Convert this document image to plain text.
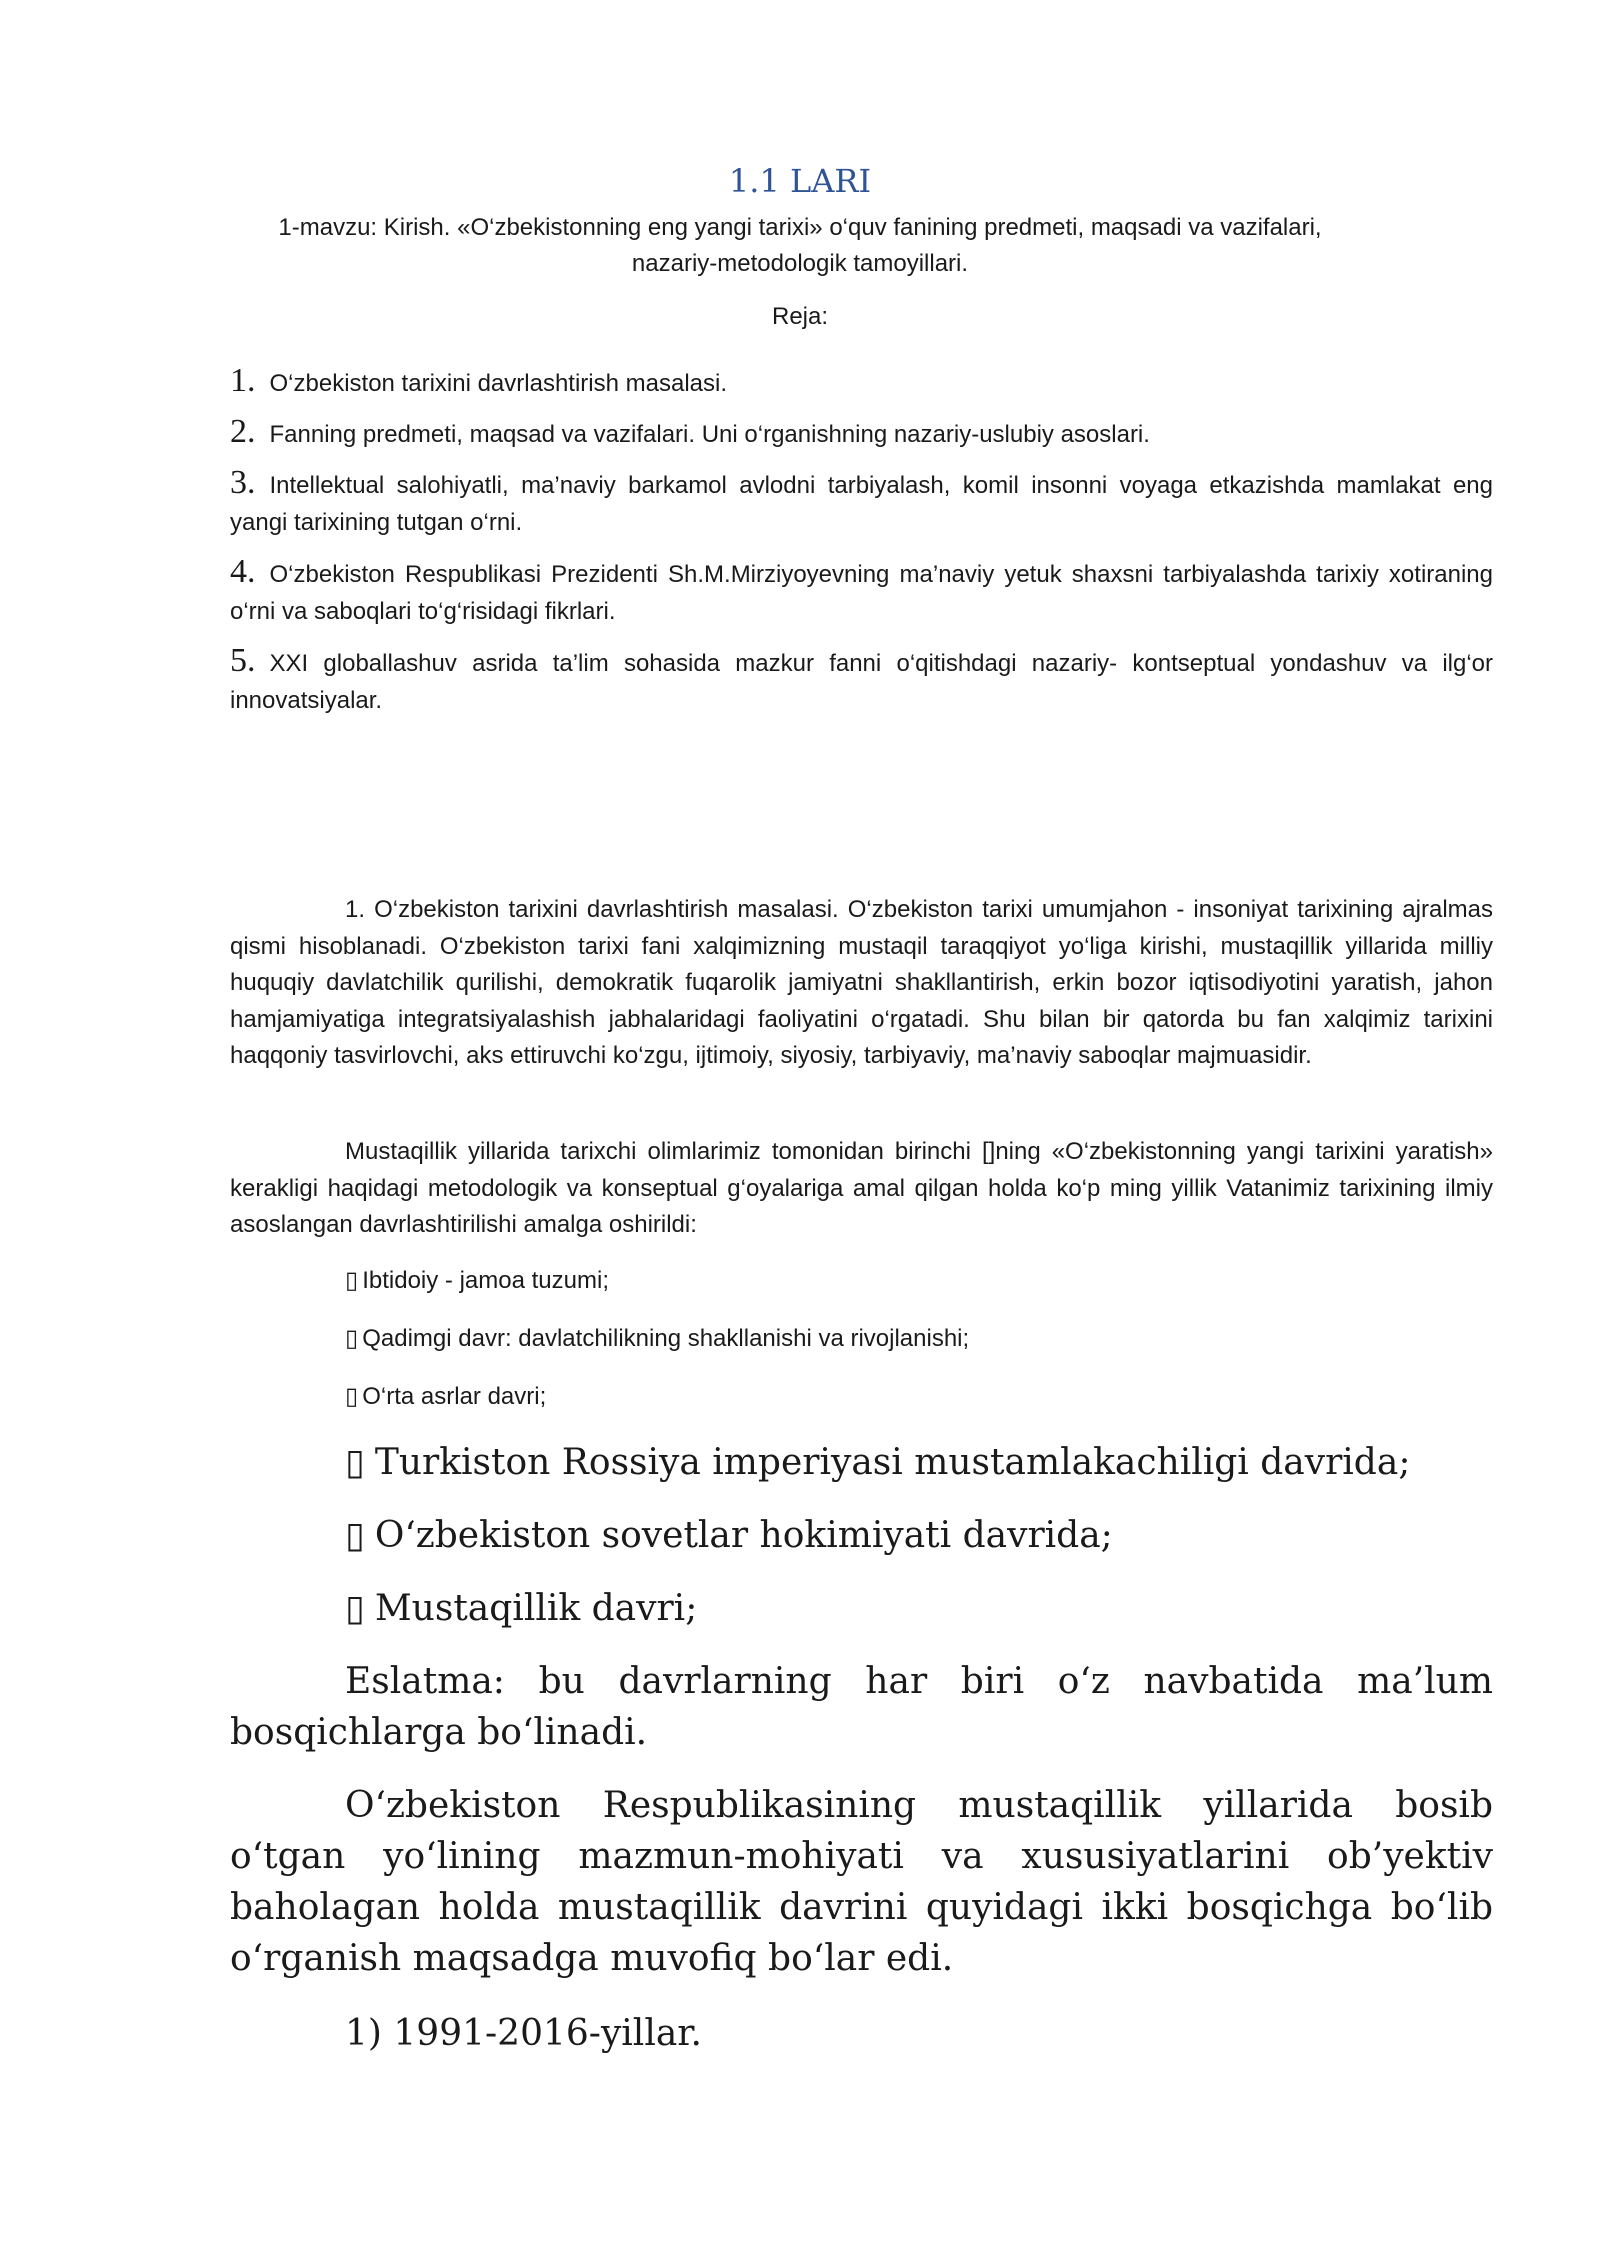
1.1 LARI
1-mavzu: Kirish. «O‘zbekistonning eng yangi tarixi» o‘quv fanining predmeti, maqsadi va vazifalari, nazariy-metodologik tamoyillari.
Reja:
1. O‘zbekiston tarixini davrlashtirish masalasi.
2. Fanning predmeti, maqsad va vazifalari. Uni o‘rganishning nazariy-uslubiy asoslari.
3. Intellektual salohiyatli, ma’naviy barkamol avlodni tarbiyalash, komil insonni voyaga etkazishda mamlakat eng yangi tarixining tutgan o‘rni.
4. O‘zbekiston Respublikasi Prezidenti Sh.M.Mirziyoyevning ma’naviy yetuk shaxsni tarbiyalashda tarixiy xotiraning o‘rni va saboqlari to‘g‘risidagi fikrlari.
5. XXI globallashuv asrida ta’lim sohasida mazkur fanni o‘qitishdagi nazariy- kontseptual yondashuv va ilg‘or innovatsiyalar.
1. O‘zbekiston tarixini davrlashtirish masalasi. O‘zbekiston tarixi umumjahon - insoniyat tarixining ajralmas qismi hisoblanadi. O‘zbekiston tarixi fani xalqimizning mustaqil taraqqiyot yo‘liga kirishi, mustaqillik yillarida milliy huquqiy davlatchilik qurilishi, demokratik fuqarolik jamiyatni shakllantirish, erkin bozor iqtisodiyotini yaratish, jahon hamjamiyatiga integratsiyalashish jabhalaridagi faoliyatini o‘rgatadi. Shu bilan bir qatorda bu fan xalqimiz tarixini haqqoniy tasvirlovchi, aks ettiruvchi ko‘zgu, ijtimoiy, siyosiy, tarbiyaviy, ma’naviy saboqlar majmuasidir.
Mustaqillik yillarida tarixchi olimlarimiz tomonidan birinchi []ning «O‘zbekistonning yangi tarixini yaratish» kerakligi haqidagi metodologik va konseptual g‘oyalariga amal qilgan holda ko‘p ming yillik Vatanimiz tarixining ilmiy asoslangan davrlashtirilishi amalga oshirildi:
▯ Ibtidoiy - jamoa tuzumi;
▯ Qadimgi davr: davlatchilikning shakllanishi va rivojlanishi;
▯ O‘rta asrlar davri;
▯ Turkiston Rossiya imperiyasi mustamlakachiligi davrida;
▯ O‘zbekiston sovetlar hokimiyati davrida;
▯ Mustaqillik davri;
Eslatma: bu davrlarning har biri o‘z navbatida ma’lum bosqichlarga bo‘linadi.
O‘zbekiston Respublikasining mustaqillik yillarida bosib o‘tgan yo‘lining mazmun-mohiyati va xususiyatlarini ob’yektiv baholagan holda mustaqillik davrini quyidagi ikki bosqichga bo‘lib o‘rganish maqsadga muvofiq bo‘lar edi.
1) 1991-2016-yillar.
